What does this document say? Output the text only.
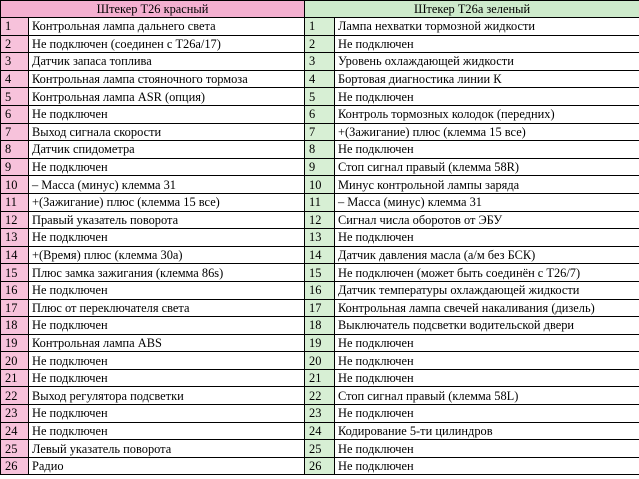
Штекер Т26 красный		Штекер Т26а зеленый	
1	Контрольная лампа дальнего света	1	Лампа нехватки тормозной жидкости
2	Не подключен (соединен с Т26а/17)	2	Не подключен
3	Датчик запаса топлива	3	Уровень охлаждающей жидкости
4	Контрольная лампа стояночного тормоза	4	Бортовая диагностика линии К
5	Контрольная лампа ASR (опция)	5	Не подключен
6	Не подключен	6	Контроль тормозных колодок (передних)
7	Выход сигнала скорости	7	+(Зажигание) плюс (клемма 15 все)
8	Датчик спидометра	8	Не подключен
9	Не подключен	9	Стоп сигнал правый (клемма 58R)
10	– Масса (минус) клемма 31	10	Минус контрольной лампы заряда
11	+(Зажигание) плюс (клемма 15 все)	11	– Масса (минус) клемма 31
12	Правый указатель поворота	12	Сигнал числа оборотов от ЭБУ
13	Не подключен	13	Не подключен
14	+(Время) плюс (клемма 30а)	14	Датчик давления масла (а/м без БСК)
15	Плюс замка зажигания (клемма 86s)	15	Не подключен (может быть соединён с Т26/7)
16	Не подключен	16	Датчик температуры охлаждающей жидкости
17	Плюс от переключателя света	17	Контрольная лампа свечей накаливания (дизель)
18	Не подключен	18	Выключатель подсветки водительской двери
19	Контрольная лампа ABS	19	Не подключен
20	Не подключен	20	Не подключен
21	Не подключен	21	Не подключен
22	Выход регулятора подсветки	22	Стоп сигнал правый (клемма 58L)
23	Не подключен	23	Не подключен
24	Не подключен	24	Кодирование 5-ти цилиндров
25	Левый указатель поворота	25	Не подключен
26	Радио	26	Не подключен
